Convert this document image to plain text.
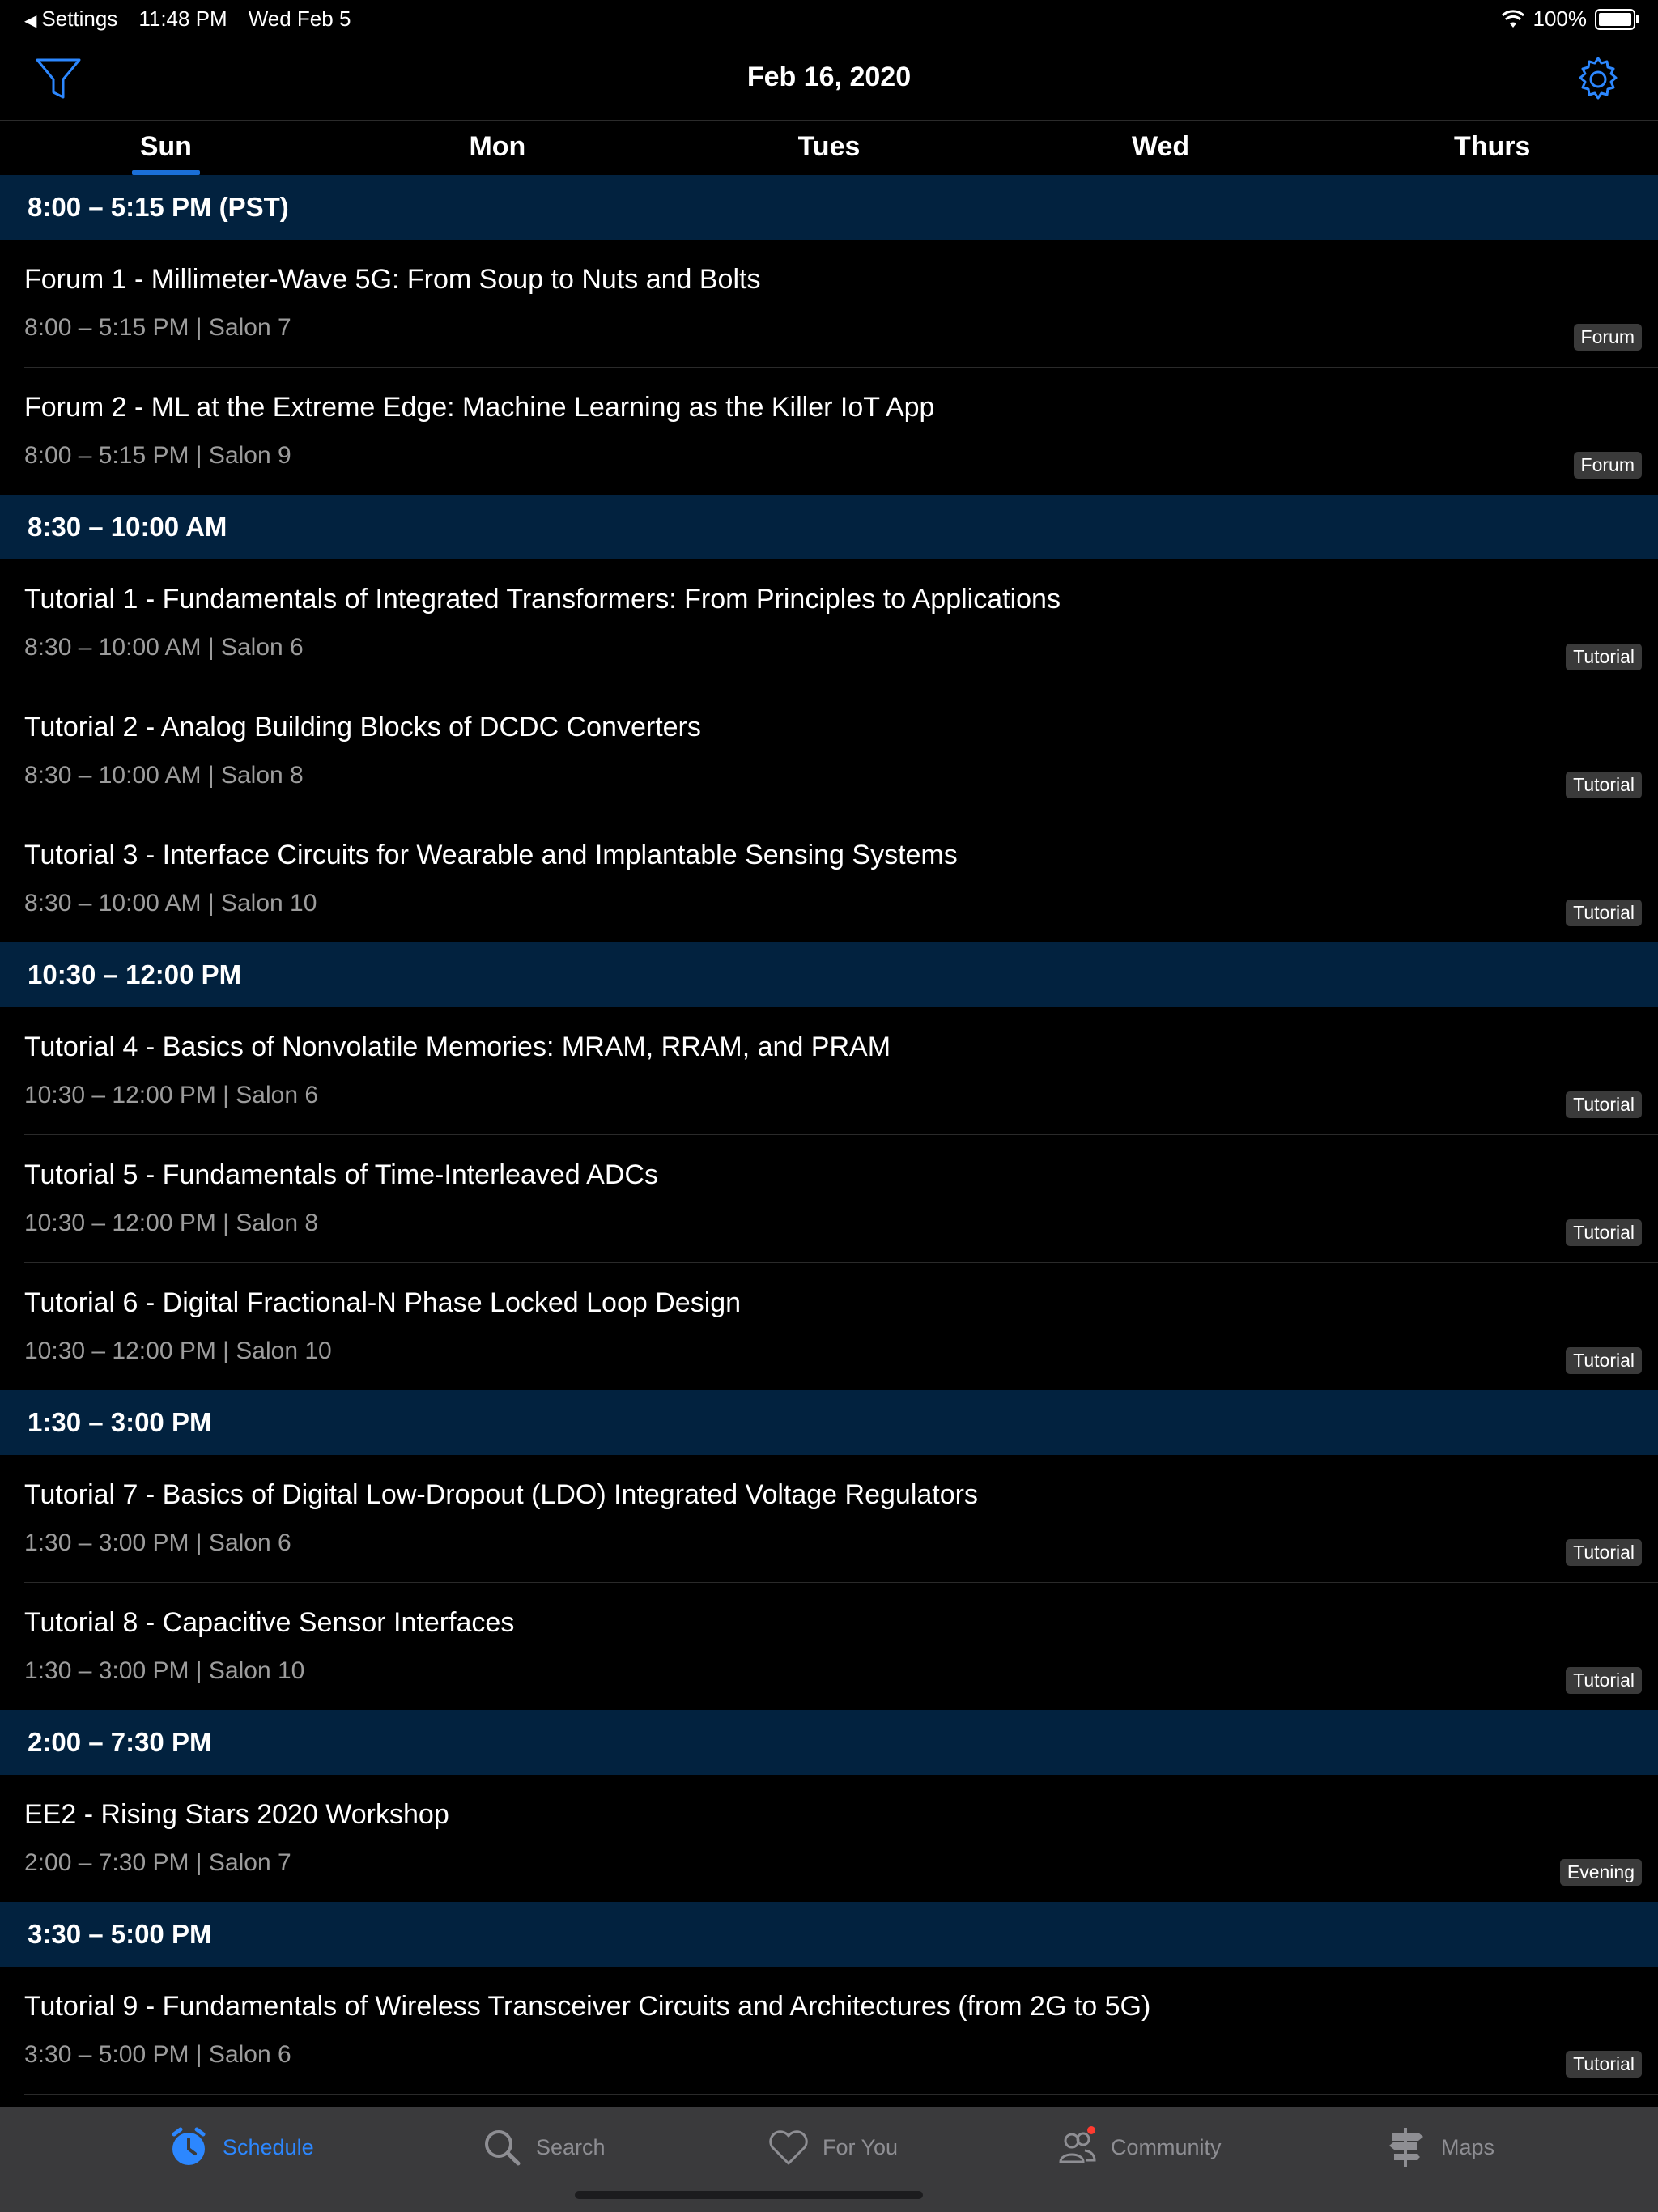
◀ Settings 11:48 PM Wed Feb 5	100%
Feb 16, 2020
Sun	Mon	Tues	Wed	Thurs
8:00 – 5:15 PM (PST)
Forum 1 - Millimeter-Wave 5G: From Soup to Nuts and Bolts
8:00 – 5:15 PM | Salon 7	Forum
Forum 2 - ML at the Extreme Edge: Machine Learning as the Killer IoT App
8:00 – 5:15 PM | Salon 9	Forum
8:30 – 10:00 AM
Tutorial 1 - Fundamentals of Integrated Transformers: From Principles to Applications
8:30 – 10:00 AM | Salon 6	Tutorial
Tutorial 2 - Analog Building Blocks of DCDC Converters
8:30 – 10:00 AM | Salon 8	Tutorial
Tutorial 3 - Interface Circuits for Wearable and Implantable Sensing Systems
8:30 – 10:00 AM | Salon 10	Tutorial
10:30 – 12:00 PM
Tutorial 4 - Basics of Nonvolatile Memories: MRAM, RRAM, and PRAM
10:30 – 12:00 PM | Salon 6	Tutorial
Tutorial 5 - Fundamentals of Time-Interleaved ADCs
10:30 – 12:00 PM | Salon 8	Tutorial
Tutorial 6 - Digital Fractional-N Phase Locked Loop Design
10:30 – 12:00 PM | Salon 10	Tutorial
1:30 – 3:00 PM
Tutorial 7 - Basics of Digital Low-Dropout (LDO) Integrated Voltage Regulators
1:30 – 3:00 PM | Salon 6	Tutorial
Tutorial 8 - Capacitive Sensor Interfaces
1:30 – 3:00 PM | Salon 10	Tutorial
2:00 – 7:30 PM
EE2 - Rising Stars 2020 Workshop
2:00 – 7:30 PM | Salon 7	Evening
3:30 – 5:00 PM
Tutorial 9 - Fundamentals of Wireless Transceiver Circuits and Architectures (from 2G to 5G)
3:30 – 5:00 PM | Salon 6	Tutorial
Schedule	Search	For You	Community	Maps
